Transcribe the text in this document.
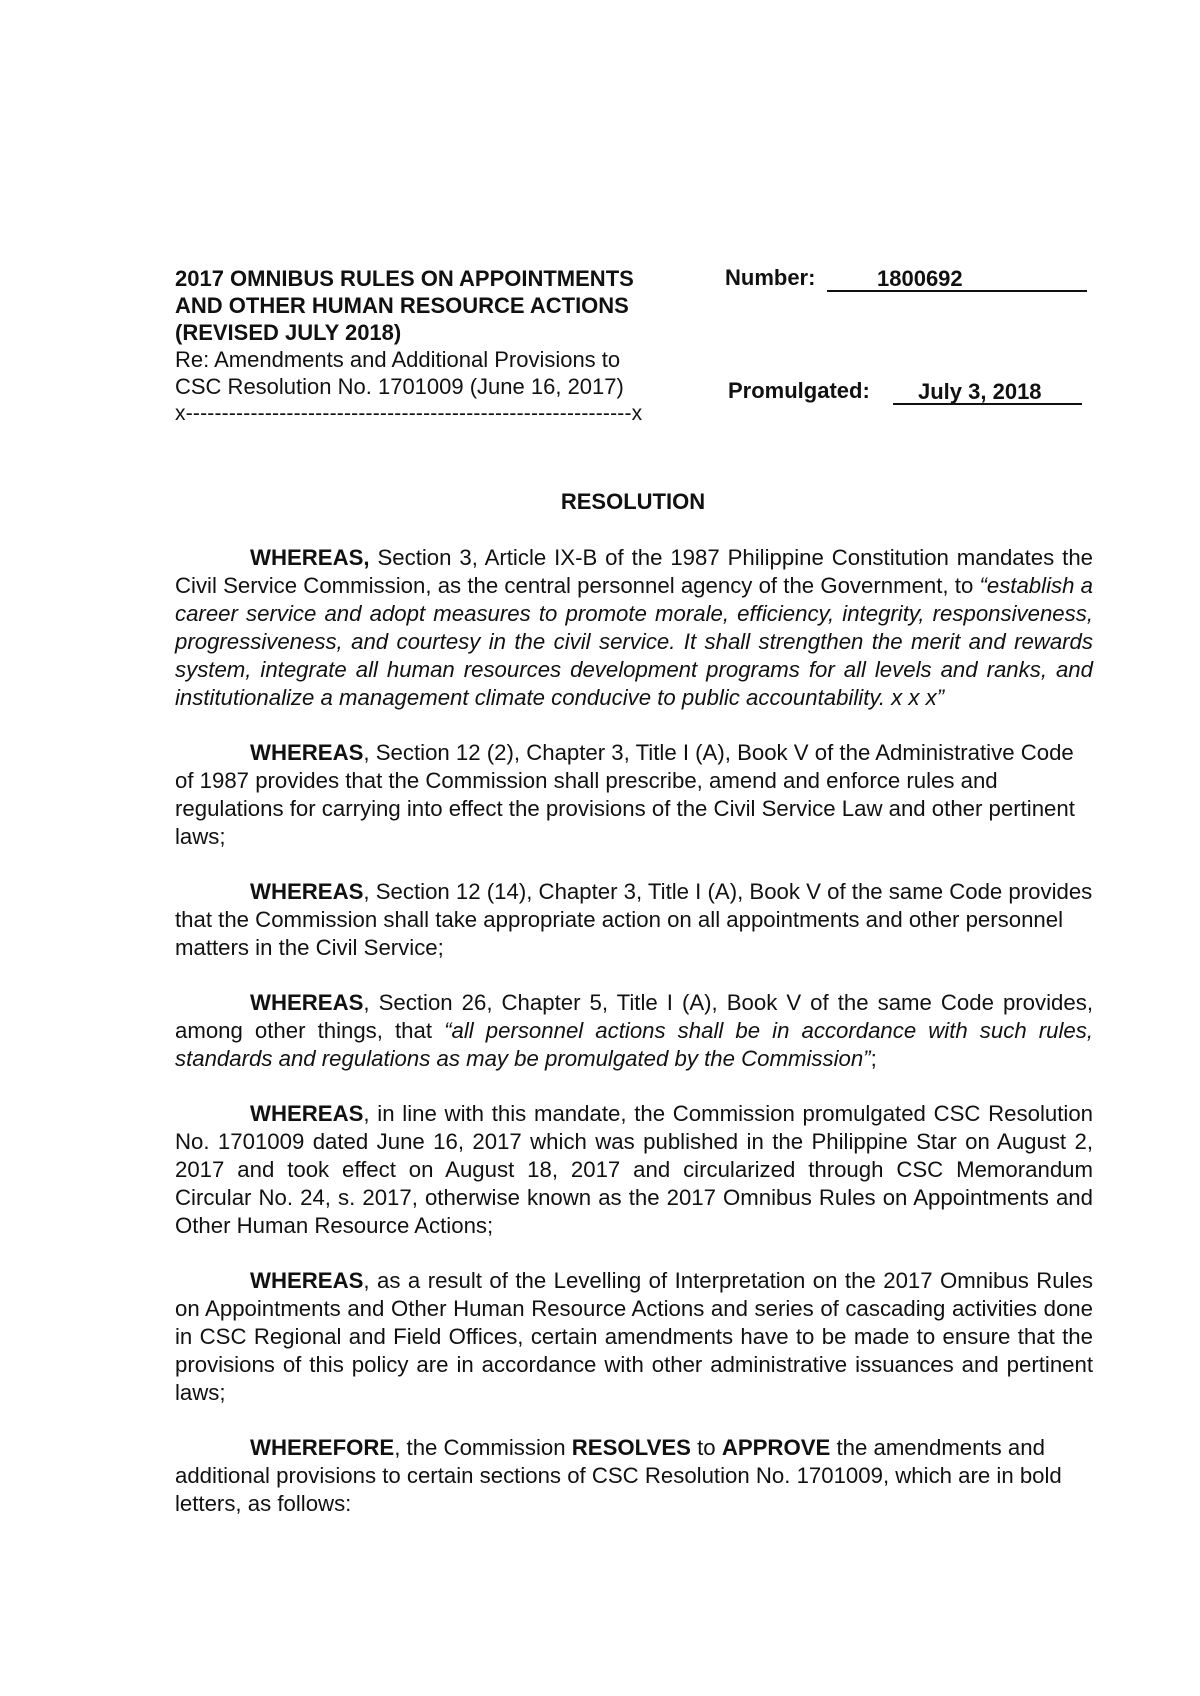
2017 OMNIBUS RULES ON APPOINTMENTS
AND OTHER HUMAN RESOURCE ACTIONS
(REVISED JULY 2018)
Re: Amendments and Additional Provisions to
CSC Resolution No. 1701009 (June 16, 2017)
x--------------------------------------------------------------x
Number:	1800692
Promulgated:	July 3, 2018
RESOLUTION

WHEREAS, Section 3, Article IX-B of the 1987 Philippine Constitution mandates the Civil Service Commission, as the central personnel agency of the Government, to “establish a career service and adopt measures to promote morale, efficiency, integrity, responsiveness, progressiveness, and courtesy in the civil service. It shall strengthen the merit and rewards system, integrate all human resources development programs for all levels and ranks, and institutionalize a management climate conducive to public accountability. x x x”

WHEREAS, Section 12 (2), Chapter 3, Title I (A), Book V of the Administrative Code of 1987 provides that the Commission shall prescribe, amend and enforce rules and regulations for carrying into effect the provisions of the Civil Service Law and other pertinent laws;

WHEREAS, Section 12 (14), Chapter 3, Title I (A), Book V of the same Code provides that the Commission shall take appropriate action on all appointments and other personnel matters in the Civil Service;

WHEREAS, Section 26, Chapter 5, Title I (A), Book V of the same Code provides, among other things, that “all personnel actions shall be in accordance with such rules, standards and regulations as may be promulgated by the Commission”;

WHEREAS, in line with this mandate, the Commission promulgated CSC Resolution No. 1701009 dated June 16, 2017 which was published in the Philippine Star on August 2, 2017 and took effect on August 18, 2017 and circularized through CSC Memorandum Circular No. 24, s. 2017, otherwise known as the 2017 Omnibus Rules on Appointments and Other Human Resource Actions;

WHEREAS, as a result of the Levelling of Interpretation on the 2017 Omnibus Rules on Appointments and Other Human Resource Actions and series of cascading activities done in CSC Regional and Field Offices, certain amendments have to be made to ensure that the provisions of this policy are in accordance with other administrative issuances and pertinent laws;

WHEREFORE, the Commission RESOLVES to APPROVE the amendments and additional provisions to certain sections of CSC Resolution No. 1701009, which are in bold letters, as follows:
